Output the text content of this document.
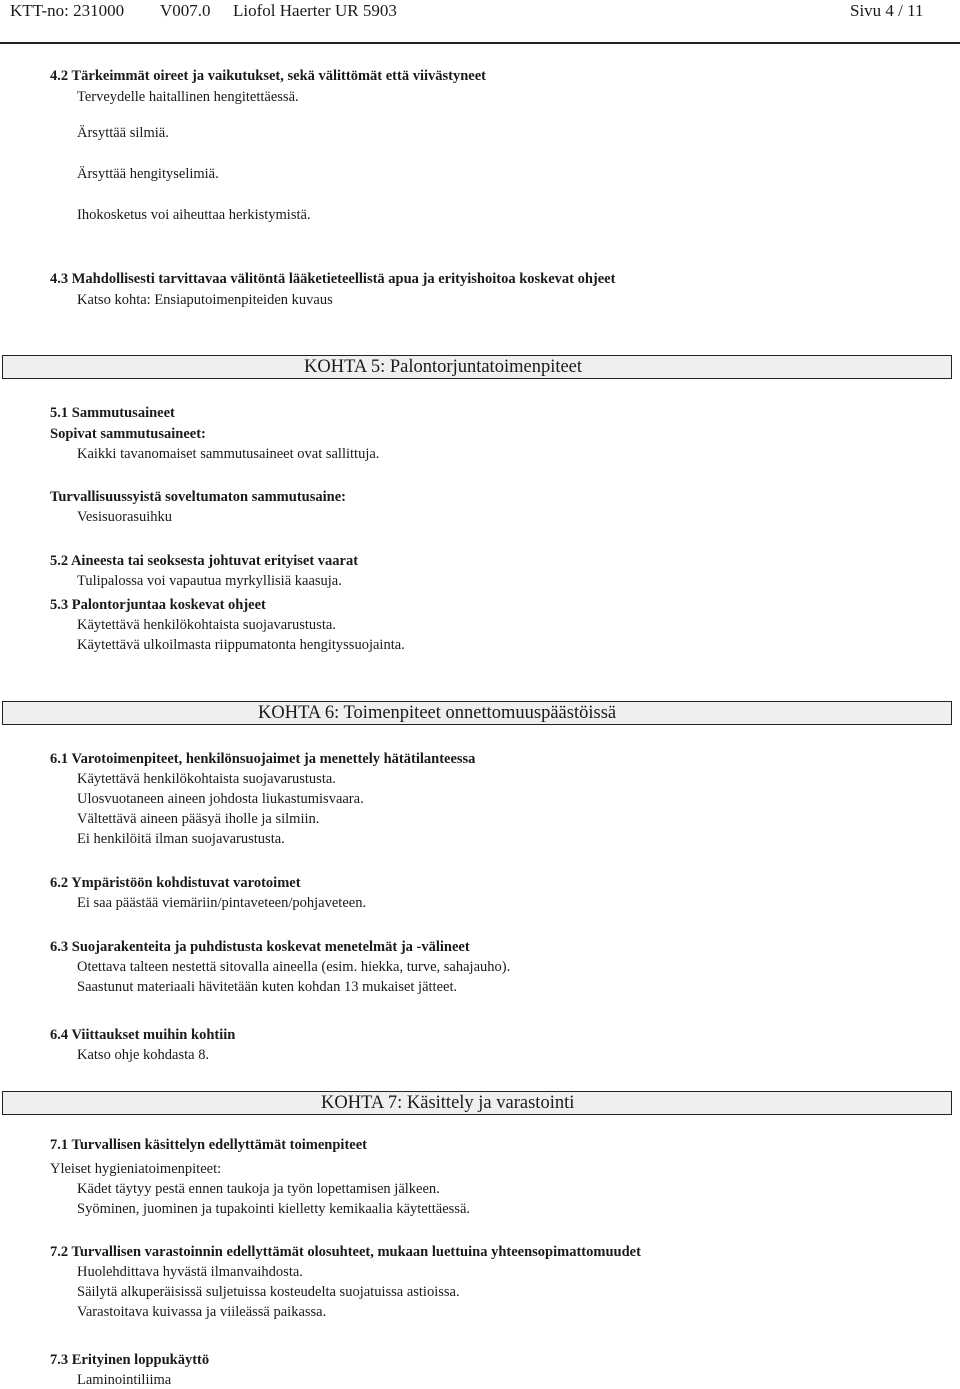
KTT-no: 231000 V007.0 Liofol Haerter UR 5903	Sivu 4 / 11
4.2 Tärkeimmät oireet ja vaikutukset, sekä välittömät että viivästyneet
Terveydelle haitallinen hengitettäessä.
Ärsyttää silmiä.
Ärsyttää hengityselimiä.
Ihokosketus voi aiheuttaa herkistymistä.
4.3 Mahdollisesti tarvittavaa välitöntä lääketieteellistä apua ja erityishoitoa koskevat ohjeet
Katso kohta: Ensiaputoimenpiteiden kuvaus
KOHTA 5: Palontorjuntatoimenpiteet
5.1 Sammutusaineet
Sopivat sammutusaineet:
Kaikki tavanomaiset sammutusaineet ovat sallittuja.
Turvallisuussyistä soveltumaton sammutusaine:
Vesisuorasuihku
5.2 Aineesta tai seoksesta johtuvat erityiset vaarat
Tulipalossa voi vapautua myrkyllisiä kaasuja.
5.3 Palontorjuntaa koskevat ohjeet
Käytettävä henkilökohtaista suojavarustusta.
Käytettävä ulkoilmasta riippumatonta hengityssuojainta.
KOHTA 6: Toimenpiteet onnettomuuspäästöissä
6.1 Varotoimenpiteet, henkilönsuojaimet ja menettely hätätilanteessa
Käytettävä henkilökohtaista suojavarustusta.
Ulosvuotaneen aineen johdosta liukastumisvaara.
Vältettävä aineen pääsyä iholle ja silmiin.
Ei henkilöitä ilman suojavarustusta.
6.2 Ympäristöön kohdistuvat varotoimet
Ei saa päästää viemäriin/pintaveteen/pohjaveteen.
6.3 Suojarakenteita ja puhdistusta koskevat menetelmät ja -välineet
Otettava talteen nestettä sitovalla aineella (esim. hiekka, turve, sahajauho).
Saastunut materiaali hävitetään kuten kohdan 13 mukaiset jätteet.
6.4 Viittaukset muihin kohtiin
Katso ohje kohdasta 8.
KOHTA 7: Käsittely ja varastointi
7.1 Turvallisen käsittelyn edellyttämät toimenpiteet
Yleiset hygieniatoimenpiteet:
Kädet täytyy pestä ennen taukoja ja työn lopettamisen jälkeen.
Syöminen, juominen ja tupakointi kielletty kemikaalia käytettäessä.
7.2 Turvallisen varastoinnin edellyttämät olosuhteet, mukaan luettuina yhteensopimattomuudet
Huolehdittava hyvästä ilmanvaihdosta.
Säilytä alkuperäisissä suljetuissa kosteudelta suojatuissa astioissa.
Varastoitava kuivassa ja viileässä paikassa.
7.3 Erityinen loppukäyttö
Laminointiliima
